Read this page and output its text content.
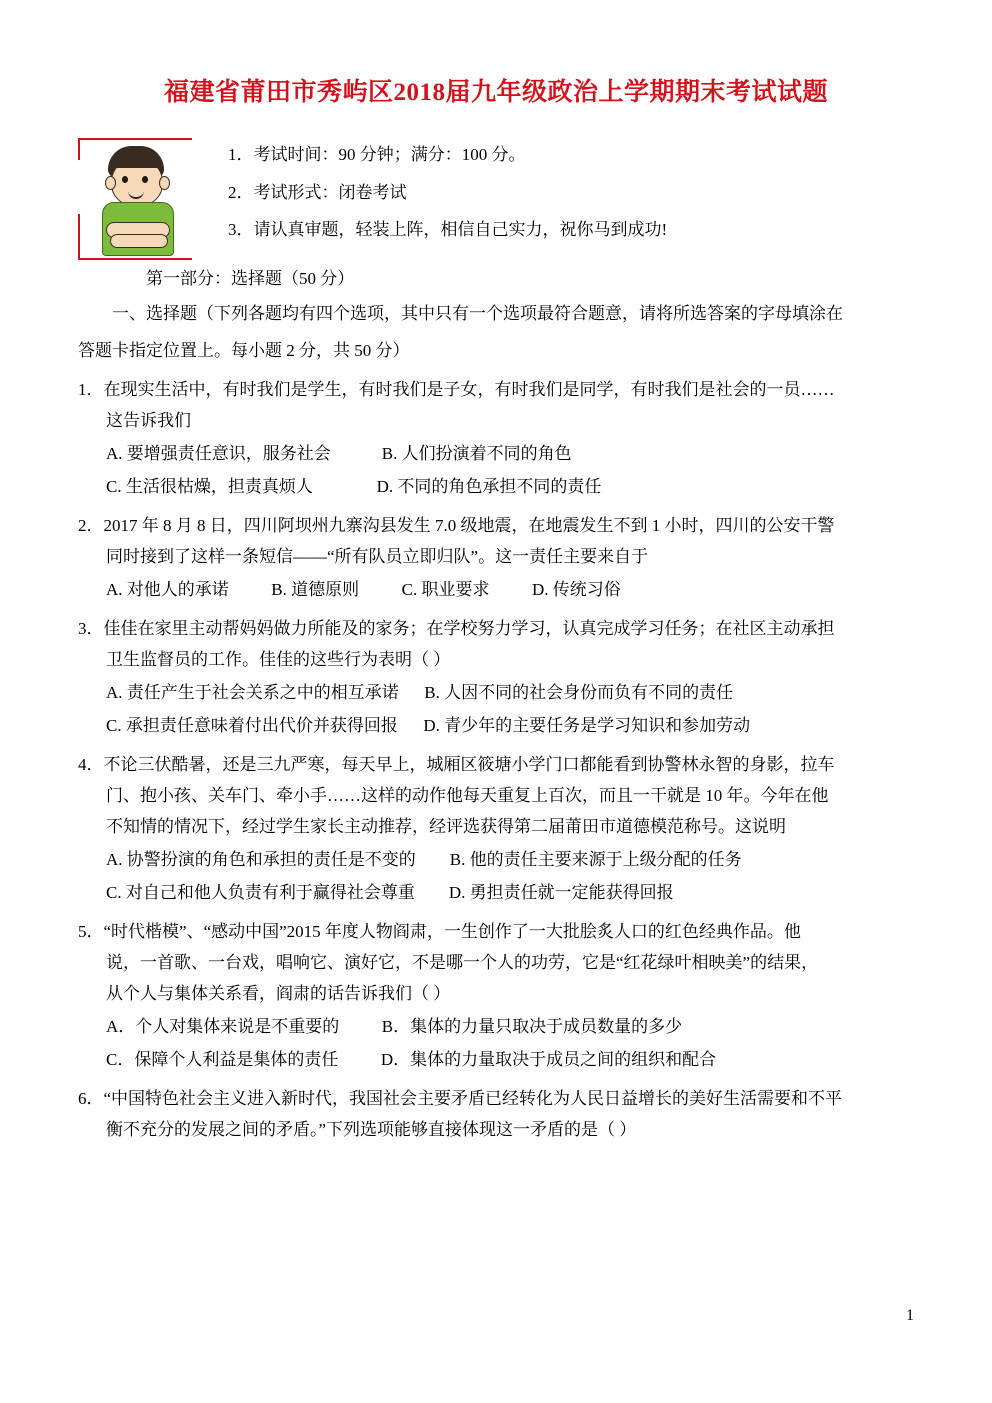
福建省莆田市秀屿区2018届九年级政治上学期期末考试试题

1．考试时间：90 分钟；满分：100 分。

2．考试形式：闭卷考试

3．请认真审题，轻装上阵，相信自己实力，祝你马到成功!

第一部分：选择题（50 分）

一、选择题（下列各题均有四个选项，其中只有一个选项最符合题意，请将所选答案的字母填涂在

答题卡指定位置上。每小题 2 分，共 50 分）

1．在现实生活中，有时我们是学生，有时我们是子女，有时我们是同学，有时我们是社会的一员……
这告诉我们
A. 要增强责任意识，服务社会            B. 人们扮演着不同的角色
C. 生活很枯燥，担责真烦人               D. 不同的角色承担不同的责任
2．2017 年 8 月 8 日，四川阿坝州九寨沟县发生 7.0 级地震，在地震发生不到 1 小时，四川的公安干警
同时接到了这样一条短信——“所有队员立即归队”。这一责任主要来自于
A. 对他人的承诺          B. 道德原则          C. 职业要求          D. 传统习俗
3．佳佳在家里主动帮妈妈做力所能及的家务；在学校努力学习，认真完成学习任务；在社区主动承担
卫生监督员的工作。佳佳的这些行为表明（ ）
A. 责任产生于社会关系之中的相互承诺      B. 人因不同的社会身份而负有不同的责任
C. 承担责任意味着付出代价并获得回报      D. 青少年的主要任务是学习知识和参加劳动
4．不论三伏酷暑，还是三九严寒，每天早上，城厢区筱塘小学门口都能看到协警林永智的身影，拉车
门、抱小孩、关车门、牵小手……这样的动作他每天重复上百次，而且一干就是 10 年。今年在他
不知情的情况下，经过学生家长主动推荐，经评选获得第二届莆田市道德模范称号。这说明
A. 协警扮演的角色和承担的责任是不变的        B. 他的责任主要来源于上级分配的任务
C. 对自己和他人负责有利于赢得社会尊重        D. 勇担责任就一定能获得回报
5．“时代楷模”、“感动中国”2015 年度人物阎肃，一生创作了一大批脍炙人口的红色经典作品。他
说，一首歌、一台戏，唱响它、演好它，不是哪一个人的功劳，它是“红花绿叶相映美”的结果，
从个人与集体关系看，阎肃的话告诉我们（ ）
A．个人对集体来说是不重要的          B．集体的力量只取决于成员数量的多少
C．保障个人利益是集体的责任          D．集体的力量取决于成员之间的组织和配合
6．“中国特色社会主义进入新时代，我国社会主要矛盾已经转化为人民日益增长的美好生活需要和不平
衡不充分的发展之间的矛盾。”下列选项能够直接体现这一矛盾的是（ ）
1
